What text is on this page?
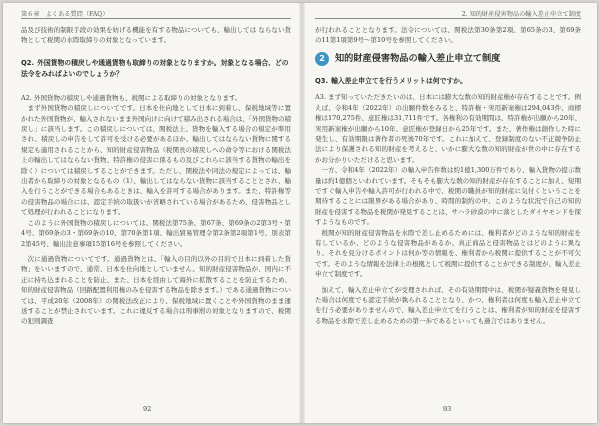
第６章　よくある質問（FAQ）

品及び技術的制限手段の効果を妨げる機能を有する物品についても、輸出しては ならない貨物として税関の水際取締りの対象となっています。

Q2. 外国貨物の積戻しや通過貨物も取締りの対象となりますか。対象となる場合、どの法令をみればよいのでしょうか？

A2. 外国貨物の積戻しや通過貨物も、税関による取締りの対象となります。

まず外国貨物の積戻しについてです。日本を仕向地として日本に到着し、保税地域等に置かれた外国貨物が、輸入されないまま外国向けに向けて積み出される場合は、「外国貨物の積戻し」に該当します。この積戻しについては、関税法上、貨物を輸入する場合の規定が準用され、積戻しの申告をして許可を受ける必要があるほか、輸出してはならない貨物に関する規定も適用されることから、知的財産侵害物品（税関長の積戻しへの命令等における関税法上の輸出してはならない貨物、特許権の侵害に係るもの及びこれらに該当する貨物の輸出を除く）については積戻しすることができます。ただし、関税法や同法の規定によっては、輸出者から取締りの対象となるもの（1）、輸出してはならない貨物に該当することとされ、輸入を行うことができる場合もあるときは、輸入を許可する場合があります。また、特許権等の侵害物品の場合には、認定手続の取扱いが省略されている場合があるため、侵害物品として処理が行われることになります。

このように外国貨物の積戻しについては、関税法第75条、第67条、第69条の2第3号・第4号、第69条の3・第69条の10、第70条第1項、輸出貿易管理令第2条第2項第1号、別表第2第45号、輸出注意事項15第16号を参照してください。

次に通過貨物についてです。通過貨物とは、「輸入の目的以外の目的で日本に到着した貨物」をいいますので、通常、日本を仕向地としていません。知的財産侵害物品が、国内に不正に持ち込まれることを防止、また、日本を経由して海外に拡散することを防止するため、知的財産侵害物品（回路配置利用権のみを侵害する物品を除きます。）である通過貨物については、平成20年（2008年）の関税法改正により、保税地域に置くことや外国貨物のまま運送することが禁止されています。これに違反する場合は刑事罰の対象となりますので、税関の犯則調査

92
2. 知的財産侵害物品の輸入差止申立て制度

が行われることとなります。法令については、関税法第30条第2項、第65条の3、第69条の11第1項第9号〜第10号を参照してください。

2	知的財産侵害物品の輸入差止申立て制度

Q3. 輸入差止申立てを行うメリットは何ですか。

A3. まず知っていただきたいのは、日本には膨大な数の知的財産権が存在することです。例えば、令和4年（2022年）の出願件数をみると、特許権・実用新案権は294,043件、商標権は170,275件、意匠権は31,711件です。各権利の有効期間は、特許権が出願から20年、実用新案権が出願から10年、意匠権が登録日から25年です。また、著作権は創作した時に発生し、有効期限は著作者の死後70年です。これに加えて、登録制度のない不正競争防止法により保護される知的財産を考えると、いかに膨大な数の知的財産が世の中に存在するかお分かりいただけると思います。

一方、令和4年（2022年）の輸入申告件数は約1億1,300万件であり、輸入貨物の提示数量は約1億個といわれています。そもそも膨大な数の知的財産が存在することに加え、短期ですぐ輸入申告や輸入許可が行われる中で、税関の職員が知的財産に気付くということを期待することには限界がある場合があり、時間的制約の中、このような状況で自己の知的財産を侵害する物品を税関が発見することは、サハラ砂漠の中に落としたダイヤモンドを探すようなものです。

税関が知的財産侵害物品を水際で差し止めるためには、権利者がどのような知的財産を有しているか、どのような侵害物品があるか、真正商品と侵害物品とはどのように異なり、それを見分けるポイントは何か等の情報を、権利者から税関に提供することが不可欠です。そのような情報を法律上の根拠として税関に提供することができる制度が、輸入差止申立て制度です。

加えて、輸入差止申立てが受理されれば、その有効期間中は、税関が疑義貨物を発見した場合は何度でも認定手続が執られることとなり、かつ、権利者は何度も輸入差止申立てを行う必要がありませんので、輸入差止申立てを行うことは、権利者が知的財産を侵害する物品を水際で差し止めるための第一歩であるといっても過言ではありません。

93
